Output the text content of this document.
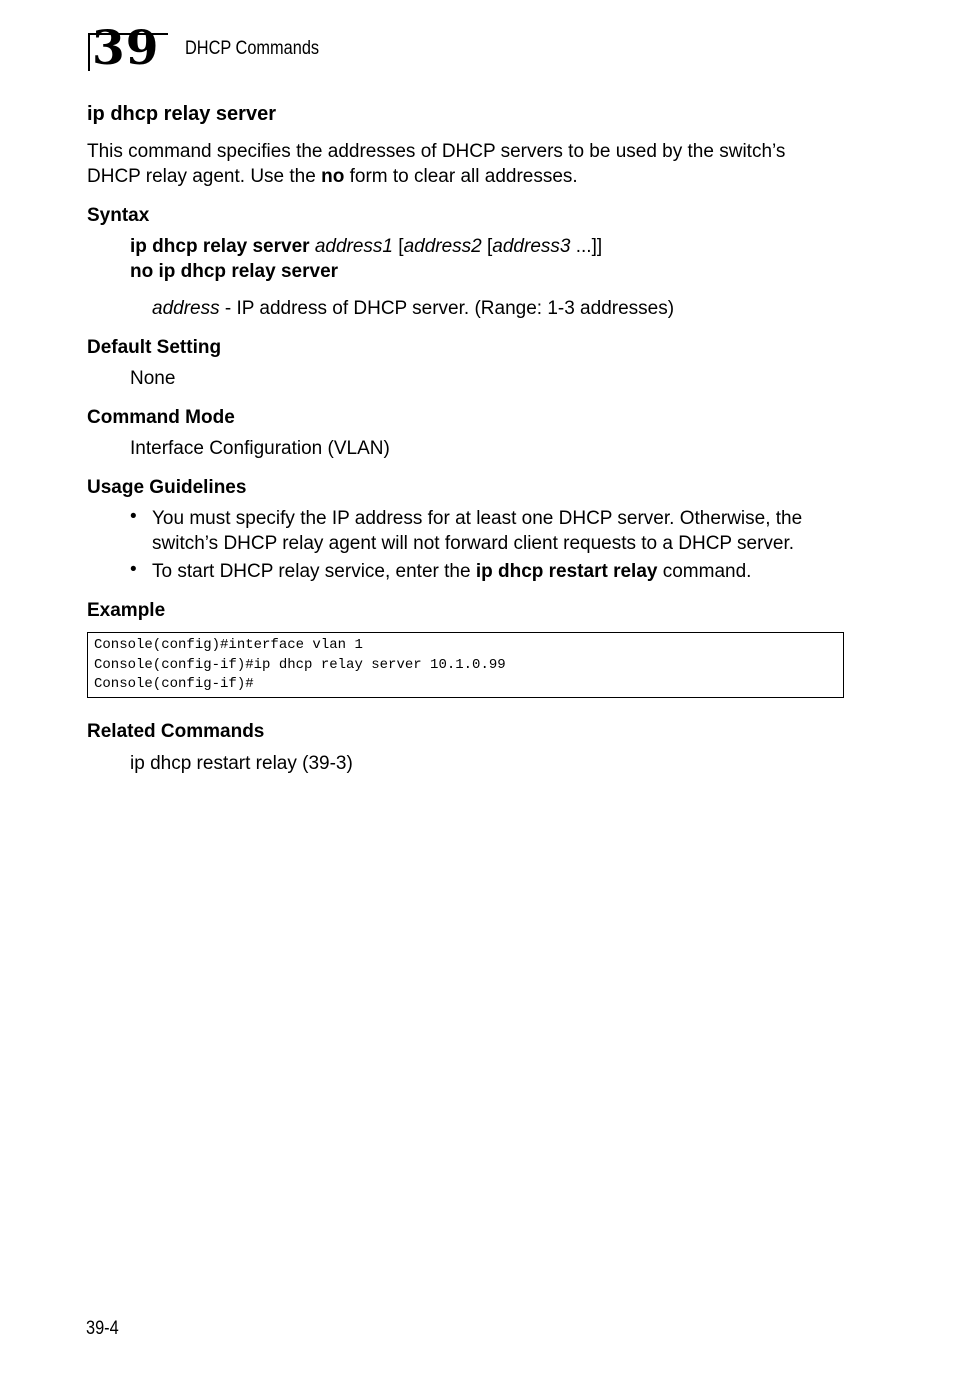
39 DHCP Commands
ip dhcp relay server
This command specifies the addresses of DHCP servers to be used by the switch’s
DHCP relay agent. Use the no form to clear all addresses.
Syntax
ip dhcp relay server address1 [address2 [address3 ...]]
no ip dhcp relay server
address - IP address of DHCP server. (Range: 1-3 addresses)
Default Setting
None
Command Mode
Interface Configuration (VLAN)
Usage Guidelines
• You must specify the IP address for at least one DHCP server. Otherwise, the
switch’s DHCP relay agent will not forward client requests to a DHCP server.
• To start DHCP relay service, enter the ip dhcp restart relay command.
Example
Console(config)#interface vlan 1
Console(config-if)#ip dhcp relay server 10.1.0.99
Console(config-if)#
Related Commands
ip dhcp restart relay (39-3)
39-4
